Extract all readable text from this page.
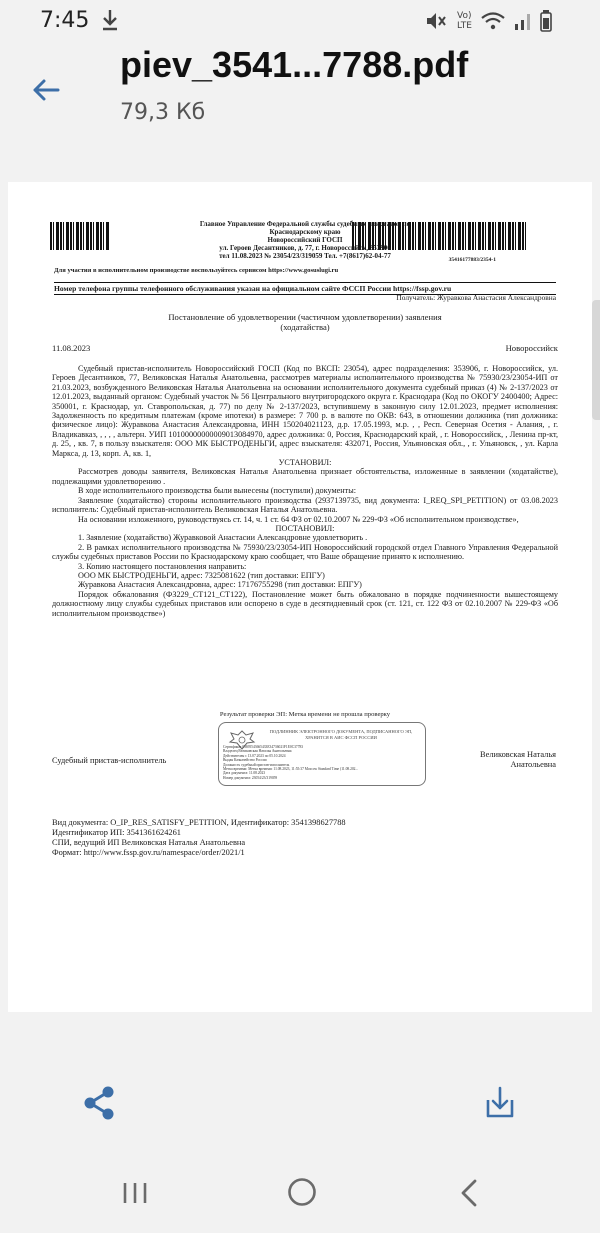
7:45	Vo)
LTE
piev_3541...7788.pdf
79,3 Кб
Главное Управление Федеральной службы судебных приставов по
Краснодарскому краю
Новороссийский ГОСП
ул. Героев Десантников, д. 77, г. Новороссийск, 353906
тел 11.08.2023 № 23054/23/319059 Тел. +7(8617)62-04-77	35416177883/2354-1
Для участия в исполнительном производстве воспользуйтесь сервисом https://www.gosuslugi.ru
Номер телефона группы телефонного обслуживания указан на официальном сайте ФССП России https://fssp.gov.ru
Получатель: Журавкова Анастасия Александровна
Постановление об удовлетворении (частичном удовлетворении) заявления
(ходатайства)
11.08.2023	Новороссийск

Судебный пристав-исполнитель Новороссийский ГОСП (Код по ВКСП: 23054), адрес подразделения: 353906, г. Новороссийск, ул. Героев Десантников, 77, Великовская Наталья Анатольевна, рассмотрев материалы исполнительного производства № 75930/23/23054-ИП от 21.03.2023, возбужденного Великовская Наталья Анатольевна на основании исполнительного документа судебный приказ (4) № 2-137/2023 от 12.01.2023, выданный органом: Судебный участок № 56 Центрального внутригородского округа г. Краснодара (Код по ОКОГУ 2400400; Адрес: 350001, г. Краснодар, ул. Ставропольская, д. 77) по делу № 2-137/2023, вступившему в законную силу 12.01.2023, предмет исполнения: Задолженность по кредитным платежам (кроме ипотеки) в размере: 7 700 р. в валюте по ОКВ: 643, в отношении должника (тип должника: физическое лицо): Журавкова Анастасия Александровна, ИНН 150204021123, д.р. 17.05.1993, м.р. , , Респ. Северная Осетия - Алания, , г. Владикавказ, , , , , альтерн. УИП 10100000000009013084970, адрес должника: 0, Россия, Краснодарский край, , г. Новороссийск, , Ленина пр-кт, д. 25, , кв. 7, в пользу взыскателя: ООО МК БЫСТРОДЕНЬГИ, адрес взыскателя: 432071, Россия, Ульяновская обл., , г. Ульяновск, , ул. Карла Маркса, д. 13, корп. А, кв. 1,

УСТАНОВИЛ:

Рассмотрев доводы заявителя, Великовская Наталья Анатольевна признает обстоятельства, изложенные в заявлении (ходатайстве), подлежащими удовлетворению .

В ходе исполнительного производства были вынесены (поступили) документы:

Заявление (ходатайство) стороны исполнительного производства (2937139735, вид документа: I_REQ_SPI_PETITION) от 03.08.2023 исполнитель: Судебный пристав-исполнитель Великовская Наталья Анатольевна.

На основании изложенного, руководствуясь ст. 14, ч. 1 ст. 64 ФЗ от 02.10.2007 № 229-ФЗ «Об исполнительном производстве»,

ПОСТАНОВИЛ:

1. Заявление (ходатайство) Журавковой Анастасии Александровне удовлетворить .

2. В рамках исполнительного производства № 75930/23/23054-ИП Новороссийский городской отдел Главного Управления Федеральной службы судебных приставов России по Краснодарскому краю сообщает, что Ваше обращение принято к исполнению.

3. Копию настоящего постановления направить:

ООО МК БЫСТРОДЕНЬГИ, адрес: 7325081622 (тип доставки: ЕПГУ)

Журавкова Анастасия Александровна, адрес: 17176755298 (тип доставки: ЕПГУ)

Порядок обжалования (ФЗ229_СТ121_СТ122), Постановление может быть обжаловано в порядке подчиненности вышестоящему должностному лицу службы судебных приставов или оспорено в суде в десятидневный срок (ст. 121, ст. 122 ФЗ от 02.10.2007 № 229-ФЗ «Об исполнительном производстве»)

Результат проверки ЭП: Метка времени не прошла проверку
ПОДЛИННИК ЭЛЕКТРОННОГО ДОКУМЕНТА, ПОДПИСАННОГО ЭП, ХРАНИТСЯ В АИС ФССП РОССИИ
Сертификат 03695543665433E34736021F1E0C37783
Владелец Великовская Наталья Анатольевна
Действителен с 13.07.2023 по 05.10.2024
Выдан Казначейство России
Должность судебный пристав-исполнитель
Метка времени: Метка времени: 11.08.2023, 11:55:37 Moscow Standard Time (11.08.202...
Дата документа: 11.08.2023
Номер документа: 23054/23/319059
Судебный пристав-исполнитель
Великовская Наталья Анатольевна
Вид документа: O_IP_RES_SATISFY_PETITION, Идентификатор: 3541398627788
Идентификатор ИП: 3541361624261
СПИ, ведущий ИП Великовская Наталья Анатольевна
Формат: http://www.fssp.gov.ru/namespace/order/2021/1
